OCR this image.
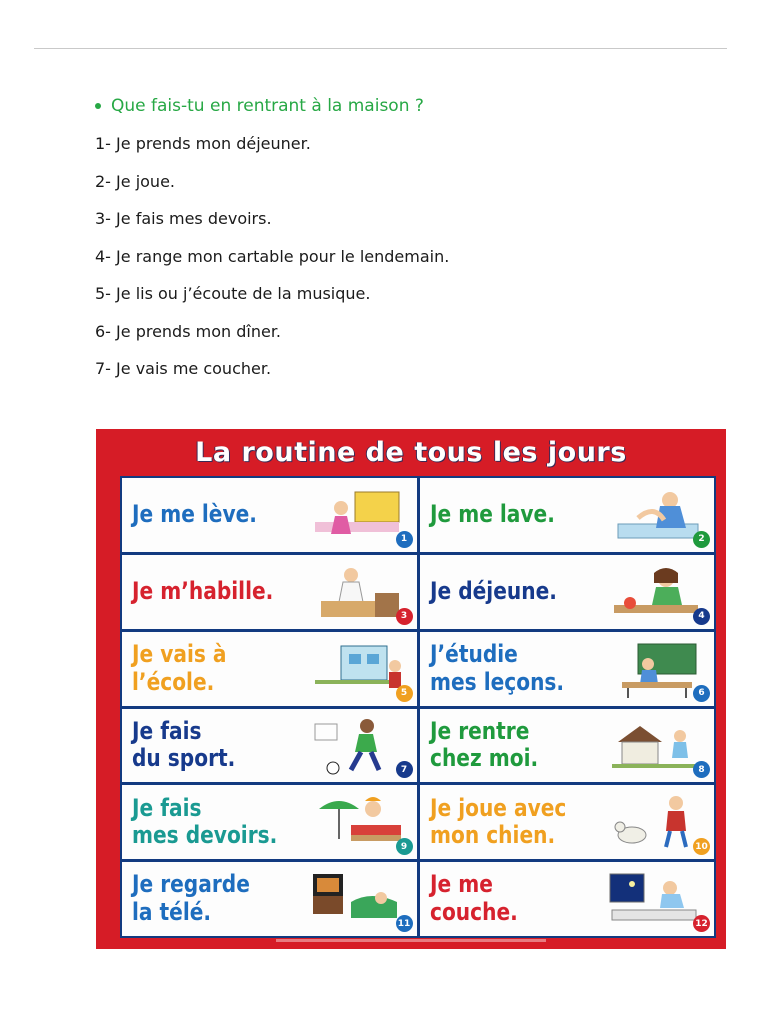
Que fais-tu en rentrant à la maison ?
1- Je prends mon déjeuner.
2- Je joue.
3- Je fais mes devoirs.
4- Je range mon cartable pour le lendemain.
5- Je lis ou j’écoute de la musique.
6- Je prends mon dîner.
7- Je vais me coucher.
La routine de tous les jours
Je me lève.
1
Je me lave.
2
Je m’habille.
3
Je déjeune.
4
Je vais à
l’école.	5
J’étudie
mes leçons.	6
Je fais
du sport.	7
Je rentre
chez moi.	8
Je fais
mes devoirs.	9
Je joue avec
mon chien.	10
Je regarde
la télé.	11
Je me
couche.	12
